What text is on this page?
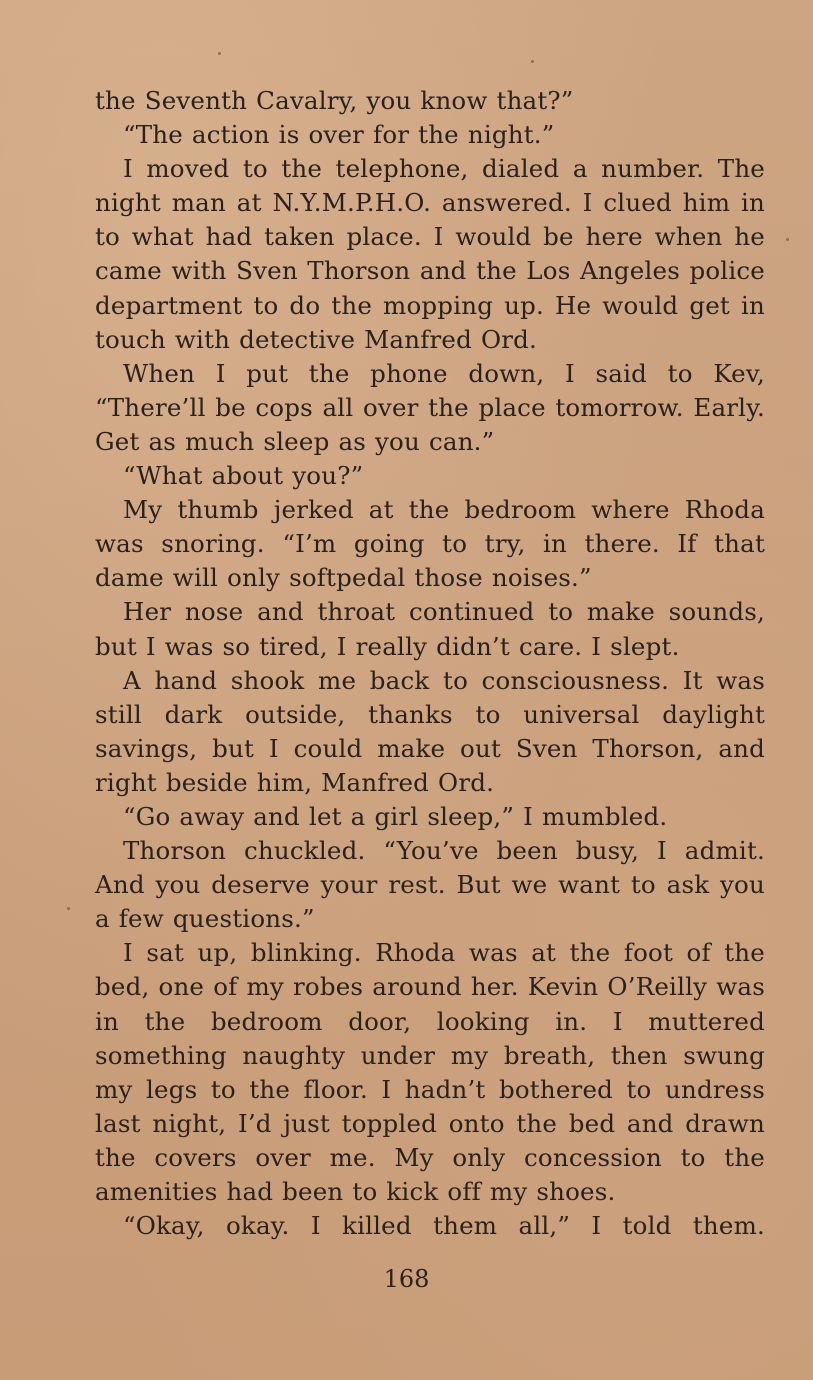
the Seventh Cavalry, you know that?”

“The action is over for the night.”

I moved to the telephone, dialed a number. The night man at N.Y.M.P.H.O. answered. I clued him in to what had taken place. I would be here when he came with Sven Thorson and the Los Angeles police department to do the mopping up. He would get in touch with detective Manfred Ord.

When I put the phone down, I said to Kev, “There’ll be cops all over the place tomorrow. Early. Get as much sleep as you can.”

“What about you?”

My thumb jerked at the bedroom where Rhoda was snoring. “I’m going to try, in there. If that dame will only softpedal those noises.”

Her nose and throat continued to make sounds, but I was so tired, I really didn’t care. I slept.

A hand shook me back to consciousness. It was still dark outside, thanks to universal daylight savings, but I could make out Sven Thorson, and right beside him, Manfred Ord.

“Go away and let a girl sleep,” I mumbled.

Thorson chuckled. “You’ve been busy, I admit. And you deserve your rest. But we want to ask you a few questions.”

I sat up, blinking. Rhoda was at the foot of the bed, one of my robes around her. Kevin O’Reilly was in the bedroom door, looking in. I muttered something naughty under my breath, then swung my legs to the floor. I hadn’t bothered to undress last night, I’d just toppled onto the bed and drawn the covers over me. My only concession to the amenities had been to kick off my shoes.

“Okay, okay. I killed them all,” I told them.

168
